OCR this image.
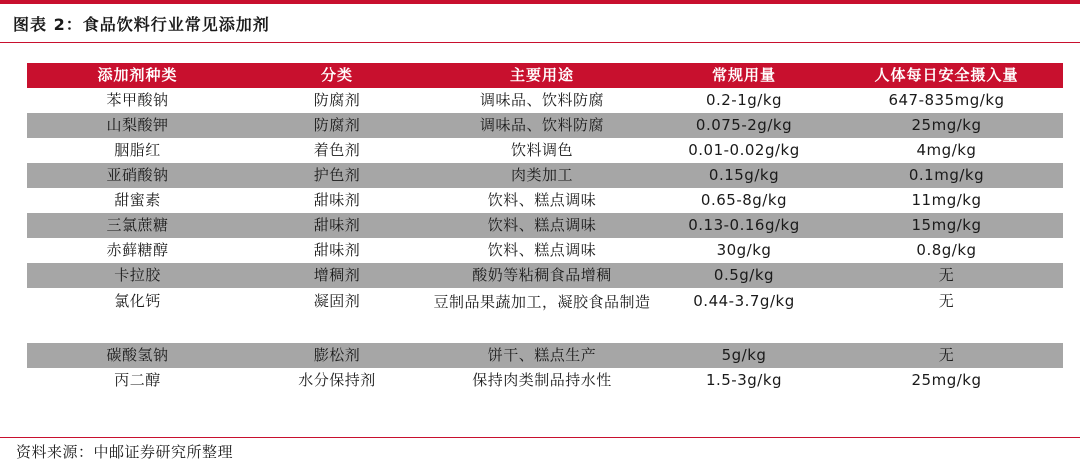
图表 2：食品饮料行业常见添加剂
添加剂种类	分类	主要用途	常规用量	人体每日安全摄入量
苯甲酸钠	防腐剂	调味品、饮料防腐	0.2-1g/kg	647-835mg/kg
山梨酸钾	防腐剂	调味品、饮料防腐	0.075-2g/kg	25mg/kg
胭脂红	着色剂	饮料调色	0.01-0.02g/kg	4mg/kg
亚硝酸钠	护色剂	肉类加工	0.15g/kg	0.1mg/kg
甜蜜素	甜味剂	饮料、糕点调味	0.65-8g/kg	11mg/kg
三氯蔗糖	甜味剂	饮料、糕点调味	0.13-0.16g/kg	15mg/kg
赤藓糖醇	甜味剂	饮料、糕点调味	30g/kg	0.8g/kg
卡拉胶	增稠剂	酸奶等粘稠食品增稠	0.5g/kg	无
氯化钙	凝固剂	豆制品果蔬加工，凝胶食品制造	0.44-3.7g/kg	无
碳酸氢钠	膨松剂	饼干、糕点生产	5g/kg	无
丙二醇	水分保持剂	保持肉类制品持水性	1.5-3g/kg	25mg/kg
资料来源：中邮证券研究所整理
